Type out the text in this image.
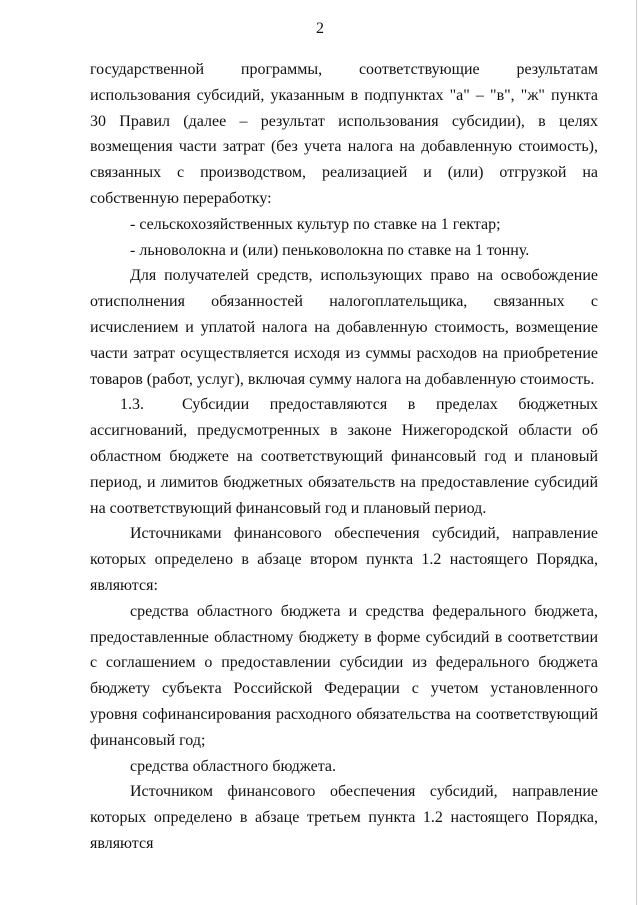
2

государственной программы, соответствующие результатам использования субсидий, указанным в подпунктах "а" – "в", "ж" пункта 30 Правил (далее – результат использования субсидии), в целях возмещения части затрат (без учета налога на добавленную стоимость), связанных с производством, реализацией и (или) отгрузкой на собственную переработку:

- сельскохозяйственных культур по ставке на 1 гектар;

- льноволокна и (или) пеньковолокна по ставке на 1 тонну.

Для получателей средств, использующих право на освобождение отисполнения обязанностей налогоплательщика, связанных с исчислением и уплатой налога на добавленную стоимость, возмещение части затрат осуществляется исходя из суммы расходов на приобретение товаров (работ, услуг), включая сумму налога на добавленную стоимость.

1.3. Субсидии предоставляются в пределах бюджетных ассигнований, предусмотренных в законе Нижегородской области об областном бюджете на соответствующий финансовый год и плановый период, и лимитов бюджетных обязательств на предоставление субсидий на соответствующий финансовый год и плановый период.

Источниками финансового обеспечения субсидий, направление которых определено в абзаце втором пункта 1.2 настоящего Порядка, являются:

средства областного бюджета и средства федерального бюджета, предоставленные областному бюджету в форме субсидий в соответствии с соглашением о предоставлении субсидии из федерального бюджета бюджету субъекта Российской Федерации с учетом установленного уровня софинансирования расходного обязательства на соответствующий финансовый год;

средства областного бюджета.

Источником финансового обеспечения субсидий, направление которых определено в абзаце третьем пункта 1.2 настоящего Порядка, являются
